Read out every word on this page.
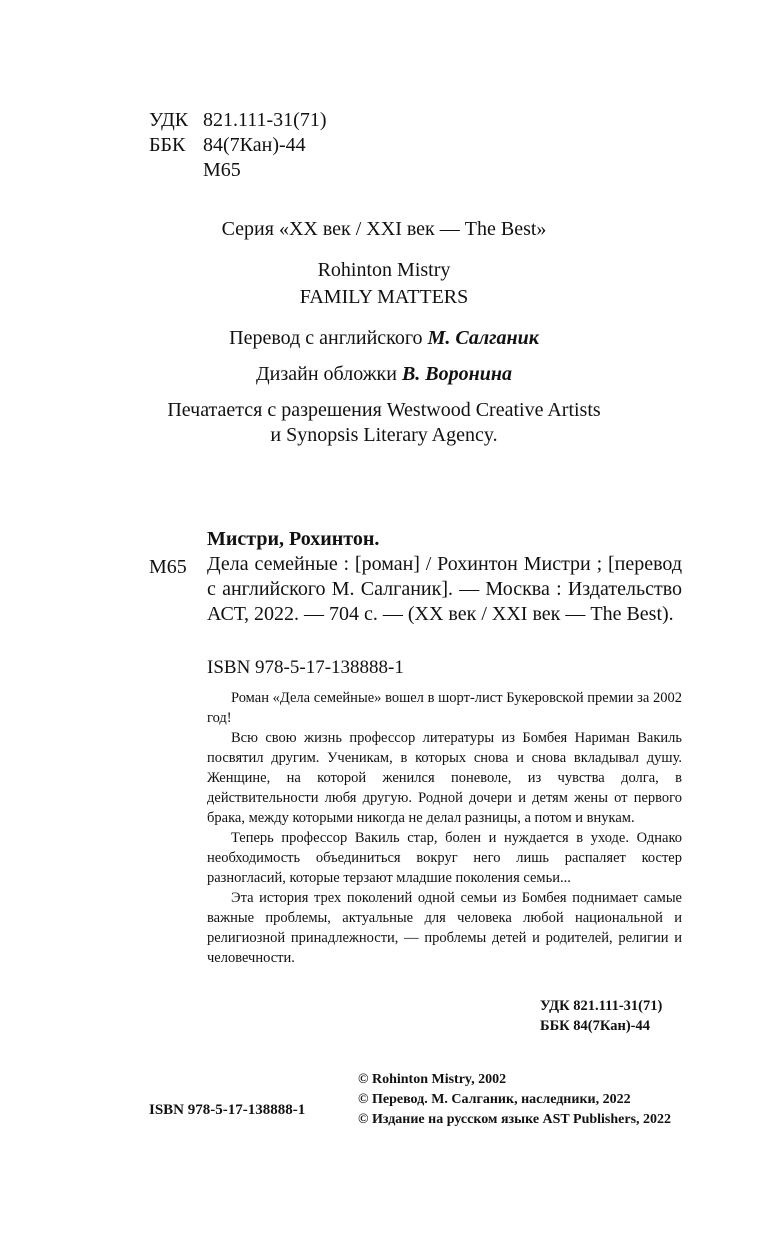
УДК 821.111-31(71)
ББК 84(7Кан)-44
М65
Серия «XX век / XXI век — The Best»
Rohinton Mistry
FAMILY MATTERS
Перевод с английского М. Салганик
Дизайн обложки В. Воронина
Печатается с разрешения Westwood Creative Artists
и Synopsis Literary Agency.
Мистри, Рохинтон.
М65 Дела семейные : [роман] / Рохинтон Мистри ; [перевод с английского М. Салганик]. — Москва : Издательство АСТ, 2022. — 704 с. — (XX век / XXI век — The Best).
ISBN 978-5-17-138888-1

Роман «Дела семейные» вошел в шорт-лист Букеровской премии за 2002 год!

Всю свою жизнь профессор литературы из Бомбея Нариман Вакиль посвятил другим. Ученикам, в которых снова и снова вкладывал душу. Женщине, на которой женился поневоле, из чувства долга, в действительности любя другую. Родной дочери и детям жены от первого брака, между которыми никогда не делал разницы, а потом и внукам.

Теперь профессор Вакиль стар, болен и нуждается в уходе. Однако необходимость объединиться вокруг него лишь распаляет костер разногласий, которые терзают младшие поколения семьи...

Эта история трех поколений одной семьи из Бомбея поднимает самые важные проблемы, актуальные для человека любой национальной и религиозной принадлежности, — проблемы детей и родителей, религии и человечности.

УДК 821.111-31(71)
ББК 84(7Кан)-44
© Rohinton Mistry, 2002
© Перевод. М. Салганик, наследники, 2022
© Издание на русском языке AST Publishers, 2022
ISBN 978-5-17-138888-1
